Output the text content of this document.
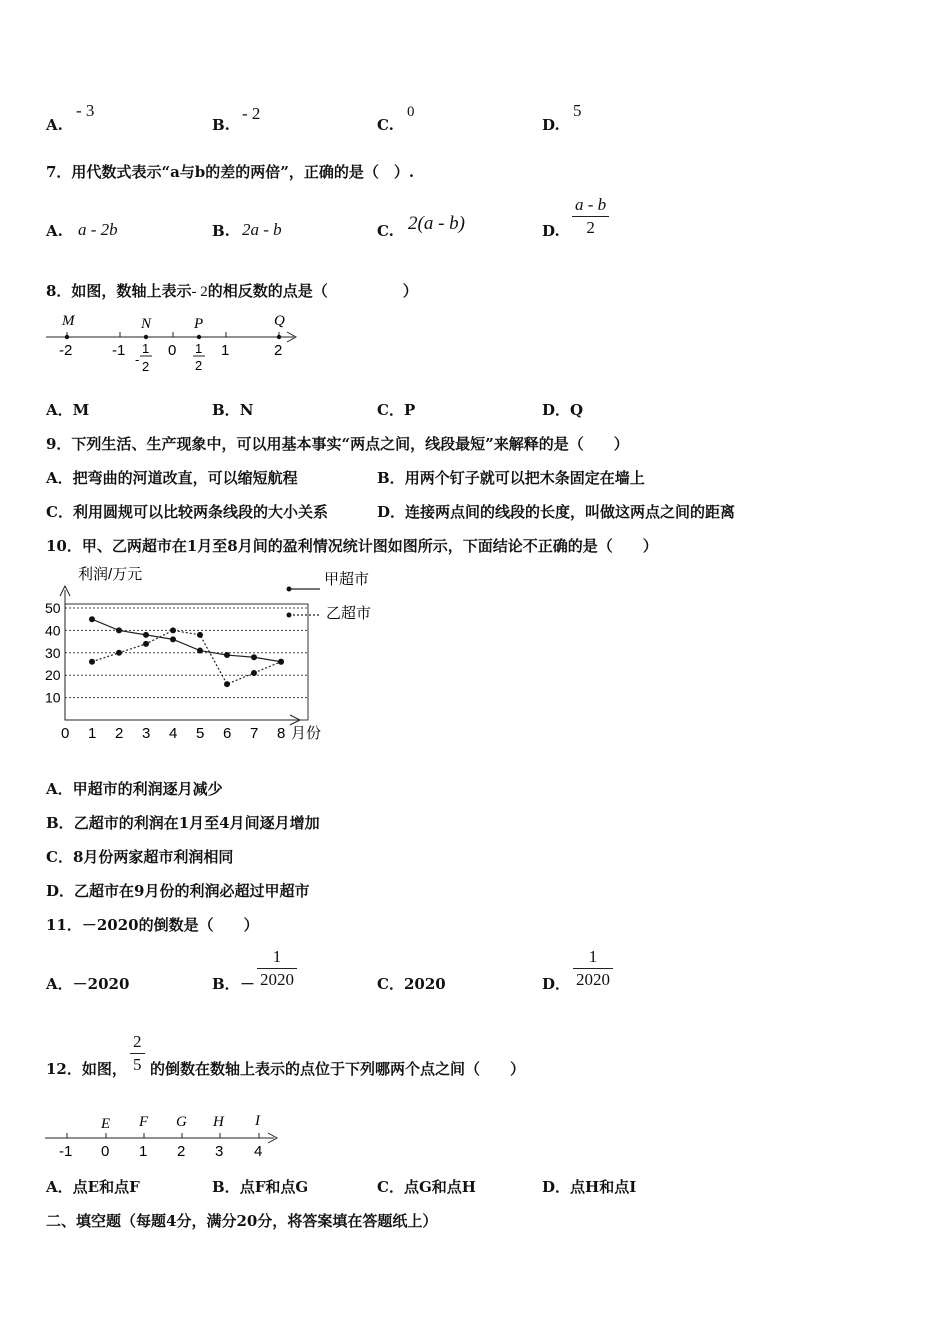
A.
- 3
B.
- 2
C.
0
D.
5
7．用代数式表示“a与b的差的两倍”，正确的是（　）.
A. a - 2b	B. 2a - b	C. 2(a - b)	D. $\frac{a - b}{2}$
8．如图，数轴上表示- 2的相反数的点是（　　　　　）
M	N	P	Q
-2	-1	0	1	2
-
1
2
1
2
A．M	B．N	C．P	D．Q
9．下列生活、生产现象中，可以用基本事实“两点之间，线段最短”来解释的是（　　）
A．把弯曲的河道改直，可以缩短航程	B．用两个钉子就可以把木条固定在墙上
C．利用圆规可以比较两条线段的大小关系	D．连接两点间的线段的长度，叫做这两点之间的距离
10．甲、乙两超市在1月至8月间的盈利情况统计图如图所示，下面结论不正确的是（　　）
利润/万元
月份
10
20
30
40
50
0 1 2 3 4 5 6 7 8
甲超市
乙超市
A．甲超市的利润逐月减少
B．乙超市的利润在1月至4月间逐月增加
C．8月份两家超市利润相同
D．乙超市在9月份的利润必超过甲超市
11．－2020的倒数是（　　）
A．－2020	B． － $\frac{1}{2020}$	C．2020	D． $\frac{1}{2020}$
12．如图， $\frac{2}{5}$ 的倒数在数轴上表示的点位于下列哪两个点之间（　　）
E F G H I
-1 0 1 2 3 4
A．点E和点F	B．点F和点G	C．点G和点H	D．点H和点I
二、填空题（每题4分，满分20分，将答案填在答题纸上）
